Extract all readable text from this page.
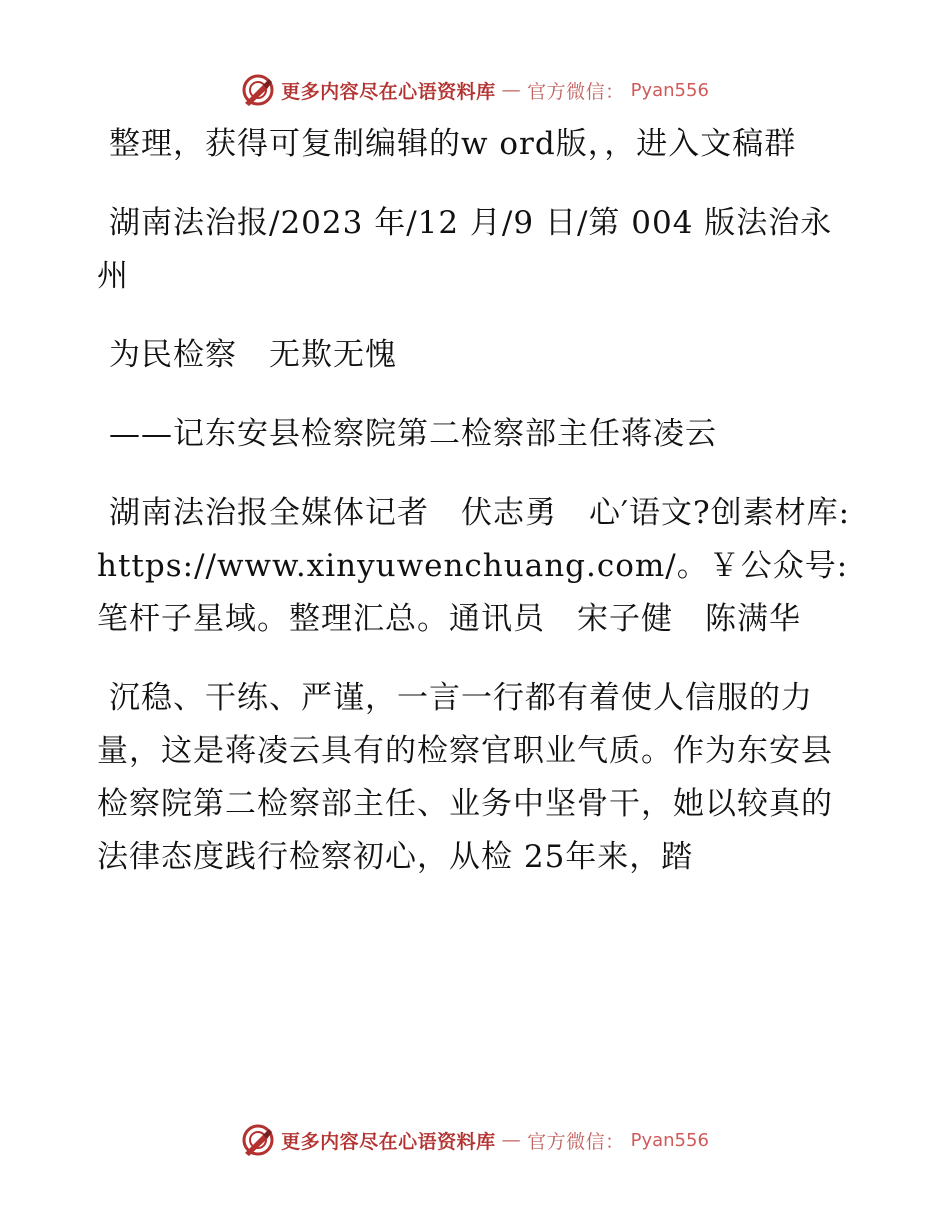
更多内容尽在心语资料库 — 官方微信： Pyan556

整理，获得可复制编辑的w ord版，，进入文稿群

湖南法治报/2023 年/12 月/9 日/第 004 版法治永州

为民检察　无欺无愧

——记东安县检察院第二检察部主任蒋凌云

湖南法治报全媒体记者　伏志勇　心′语文?创素材库: https://www.xinyuwenchuang.com/。￥公众号: 笔杆子星域。整理汇总。通讯员　宋子健　陈满华

沉稳、干练、严谨，一言一行都有着使人信服的力量，这是蒋凌云具有的检察官职业气质。作为东安县检察院第二检察部主任、业务中坚骨干，她以较真的法律态度践行检察初心，从检 25年来，踏

更多内容尽在心语资料库 — 官方微信： Pyan556
